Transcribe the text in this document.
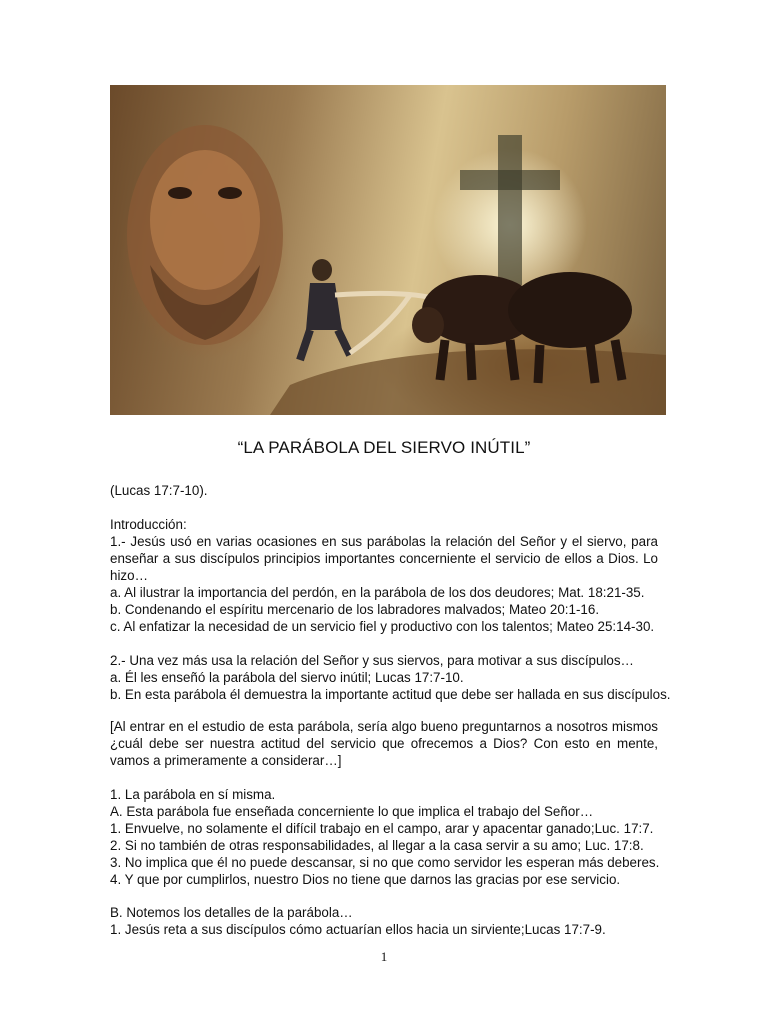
“LA PARÁBOLA DEL SIERVO INÚTIL”
(Lucas 17:7-10).
Introducción:
1.- Jesús usó en varias ocasiones en sus parábolas la relación del Señor y el siervo, para enseñar a sus discípulos principios importantes concerniente el servicio de ellos a Dios. Lo hizo…
a. Al ilustrar la importancia del perdón, en la parábola de los dos deudores; Mat. 18:21-35.
b. Condenando el espíritu mercenario de los labradores malvados; Mateo 20:1-16.
c. Al enfatizar la necesidad de un servicio fiel y productivo con los talentos; Mateo 25:14-30.
2.- Una vez más usa la relación del Señor y sus siervos, para motivar a sus discípulos…
a. Él les enseñó la parábola del siervo inútil; Lucas 17:7-10.
b. En esta parábola él demuestra la importante actitud que debe ser hallada en sus discípulos.
[Al entrar en el estudio de esta parábola, sería algo bueno preguntarnos a nosotros mismos ¿cuál debe ser nuestra actitud del servicio que ofrecemos a Dios? Con esto en mente, vamos a primeramente a considerar…]
1. La parábola en sí misma.
A. Esta parábola fue enseñada concerniente lo que implica el trabajo del Señor…
1. Envuelve, no solamente el difícil trabajo en el campo, arar y apacentar ganado;Luc. 17:7.
2. Si no también de otras responsabilidades, al llegar a la casa servir a su amo; Luc. 17:8.
3. No implica que él no puede descansar, si no que como servidor les esperan más deberes.
4. Y que por cumplirlos, nuestro Dios no tiene que darnos las gracias por ese servicio.
B. Notemos los detalles de la parábola…
1. Jesús reta a sus discípulos cómo actuarían ellos hacia un sirviente;Lucas 17:7-9.
1
